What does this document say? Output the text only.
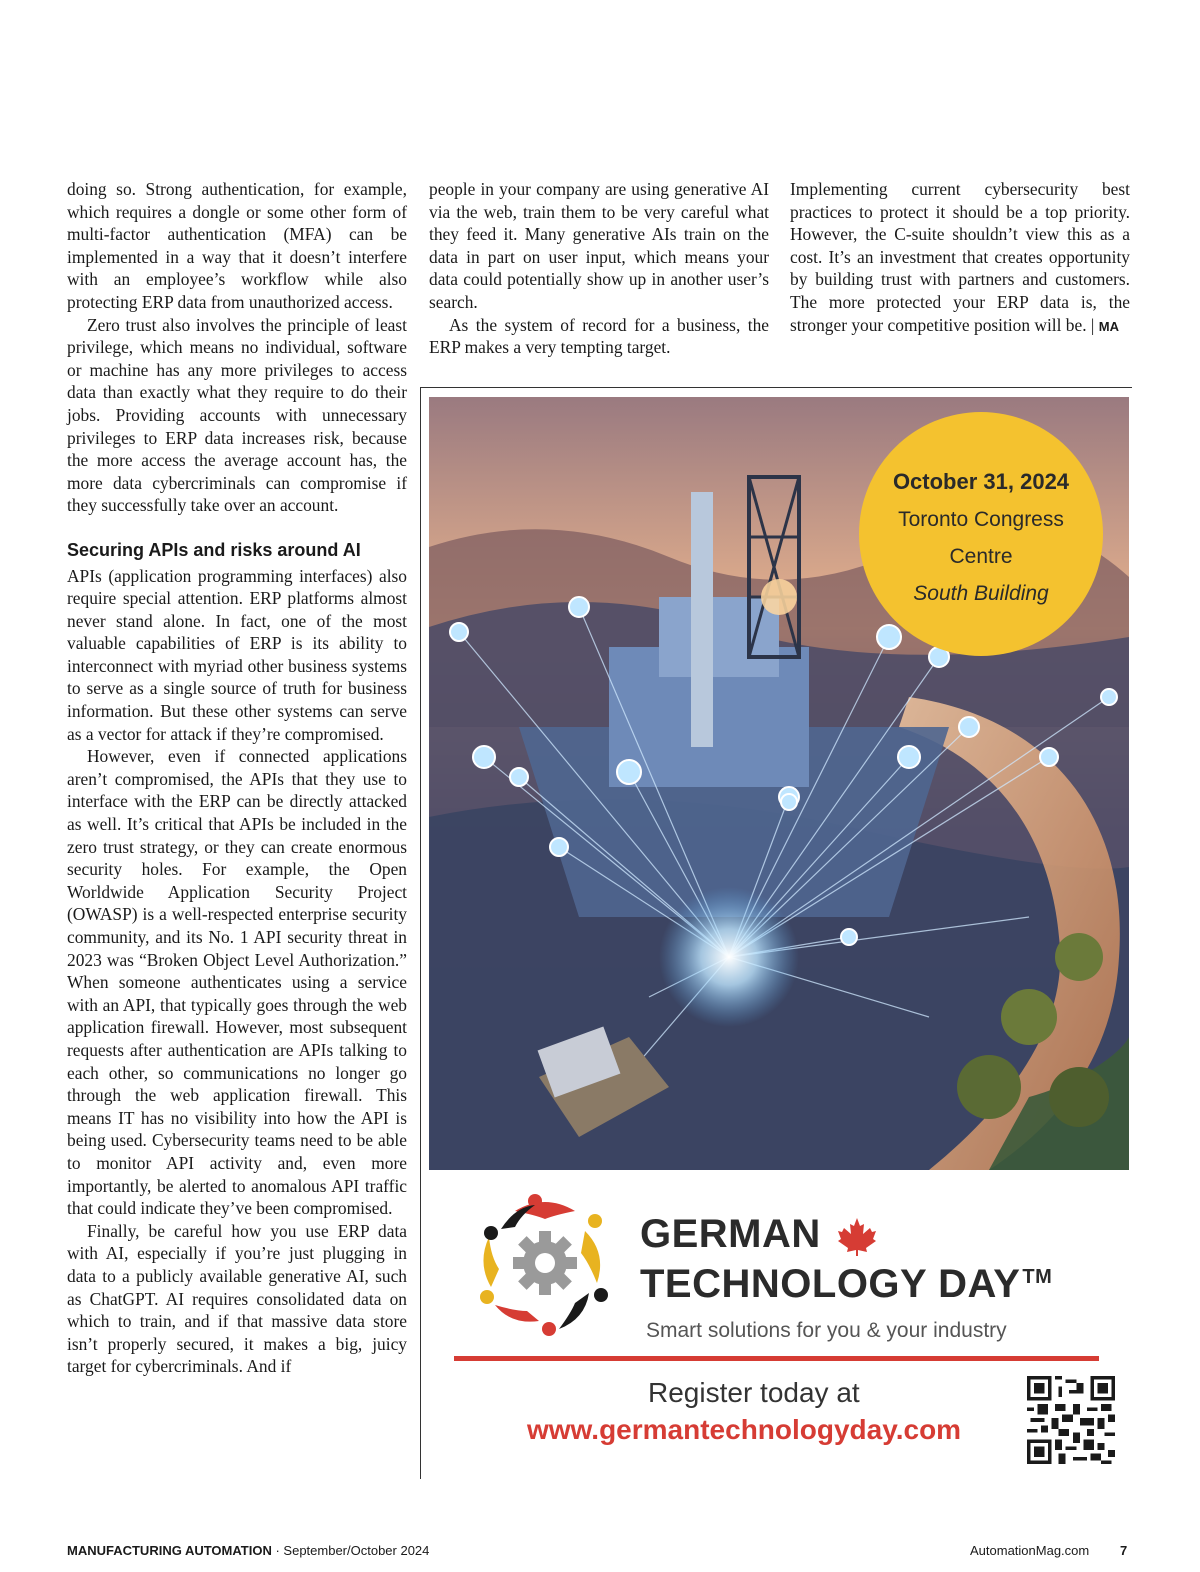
doing so. Strong authentication, for example, which requires a dongle or some other form of multi-factor authentication (MFA) can be implemented in a way that it doesn’t interfere with an employee’s workflow while also protecting ERP data from unauthorized access.

Zero trust also involves the principle of least privilege, which means no individual, software or machine has any more privileges to access data than exactly what they require to do their jobs. Providing accounts with unnecessary privileges to ERP data increases risk, because the more access the average account has, the more data cybercriminals can compromise if they successfully take over an account.

Securing APIs and risks around AI

APIs (application programming interfaces) also require special attention. ERP platforms almost never stand alone. In fact, one of the most valuable capabilities of ERP is its ability to interconnect with myriad other business systems to serve as a single source of truth for business information. But these other systems can serve as a vector for attack if they’re compromised.

However, even if connected applications aren’t compromised, the APIs that they use to interface with the ERP can be directly attacked as well. It’s critical that APIs be included in the zero trust strategy, or they can create enormous security holes. For example, the Open Worldwide Application Security Project (OWASP) is a well-respected enterprise security community, and its No. 1 API security threat in 2023 was “Broken Object Level Authorization.” When someone authenticates using a service with an API, that typically goes through the web application firewall. However, most subsequent requests after authentication are APIs talking to each other, so communications no longer go through the web application firewall. This means IT has no visibility into how the API is being used. Cybersecurity teams need to be able to monitor API activity and, even more importantly, be alerted to anomalous API traffic that could indicate they’ve been compromised.

Finally, be careful how you use ERP data with AI, especially if you’re just plugging in data to a publicly available generative AI, such as ChatGPT. AI requires consolidated data on which to train, and if that massive data store isn’t properly secured, it makes a big, juicy target for cybercriminals. And if

people in your company are using generative AI via the web, train them to be very careful what they feed it. Many generative AIs train on the data in part on user input, which means your data could potentially show up in another user’s search.

As the system of record for a business, the ERP makes a very tempting target.

Implementing current cybersecurity best practices to protect it should be a top priority. However, the C-suite shouldn’t view this as a cost. It’s an investment that creates opportunity by building trust with partners and customers. The more protected your ERP data is, the stronger your competitive position will be. | MA

October 31, 2024
Toronto Congress
Centre
South Building
GERMAN
TECHNOLOGY DAY ™
Smart solutions for you & your industry
Register today at
www.germantechnologyday.com
MANUFACTURING AUTOMATION · September/October 2024	AutomationMag.com 7
